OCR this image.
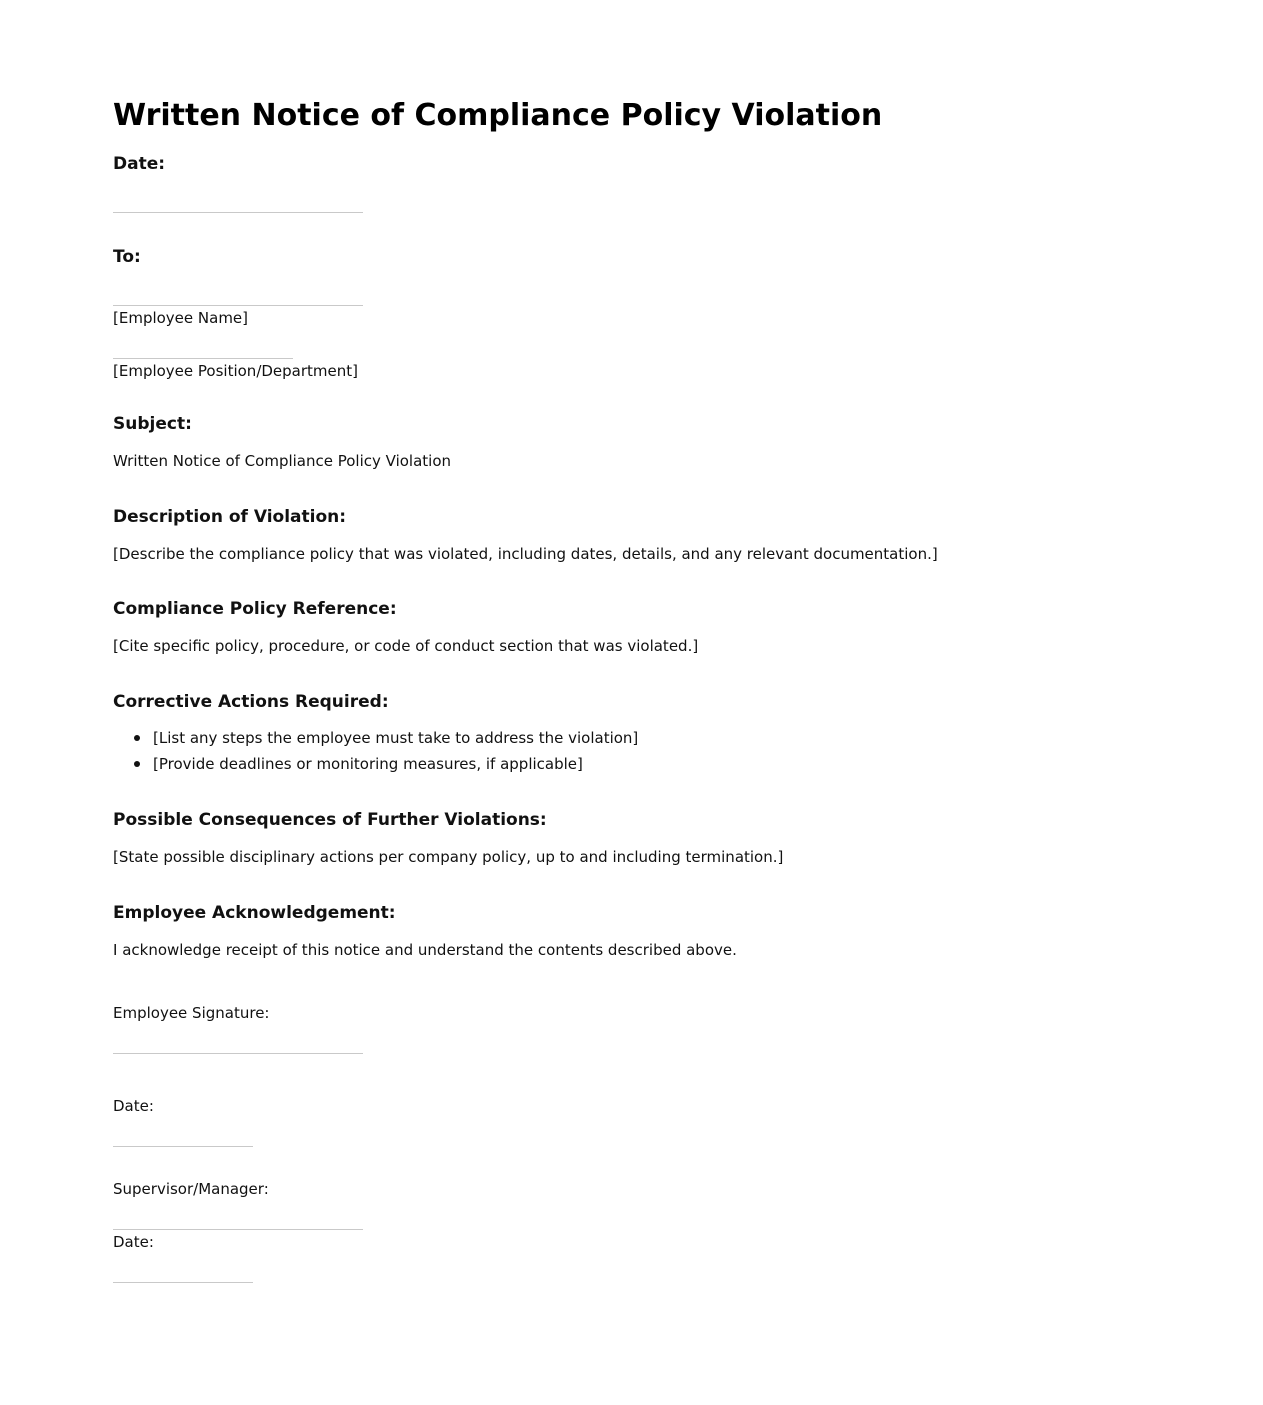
Written Notice of Compliance Policy Violation
Date:
To:
[Employee Name]
[Employee Position/Department]
Subject:
Written Notice of Compliance Policy Violation
Description of Violation:
[Describe the compliance policy that was violated, including dates, details, and any relevant documentation.]
Compliance Policy Reference:
[Cite specific policy, procedure, or code of conduct section that was violated.]
Corrective Actions Required:
[List any steps the employee must take to address the violation]
[Provide deadlines or monitoring measures, if applicable]
Possible Consequences of Further Violations:
[State possible disciplinary actions per company policy, up to and including termination.]
Employee Acknowledgement:
I acknowledge receipt of this notice and understand the contents described above.
Employee Signature:
Date:
Supervisor/Manager:
Date:
